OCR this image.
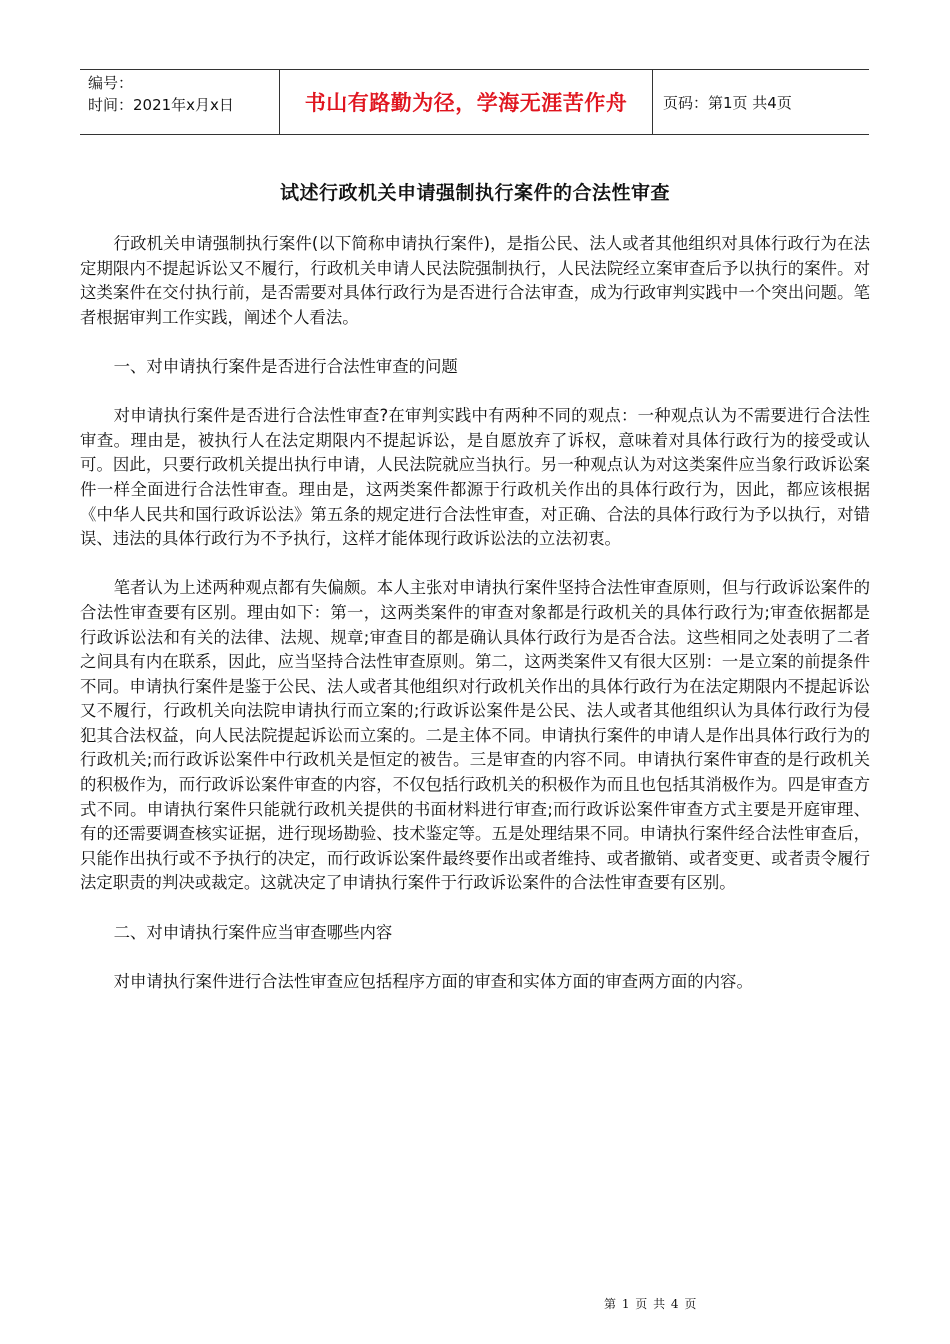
编号：
时间：2021年x月x日	书山有路勤为径，学海无涯苦作舟	页码：第1页 共4页
试述行政机关申请强制执行案件的合法性审查

行政机关申请强制执行案件(以下简称申请执行案件)，是指公民、法人或者其他组织对具体行政行为在法定期限内不提起诉讼又不履行，行政机关申请人民法院强制执行，人民法院经立案审查后予以执行的案件。对这类案件在交付执行前，是否需要对具体行政行为是否进行合法审查，成为行政审判实践中一个突出问题。笔者根据审判工作实践，阐述个人看法。

一、对申请执行案件是否进行合法性审查的问题

对申请执行案件是否进行合法性审查?在审判实践中有两种不同的观点：一种观点认为不需要进行合法性审查。理由是，被执行人在法定期限内不提起诉讼，是自愿放弃了诉权，意味着对具体行政行为的接受或认可。因此，只要行政机关提出执行申请，人民法院就应当执行。另一种观点认为对这类案件应当象行政诉讼案件一样全面进行合法性审查。理由是，这两类案件都源于行政机关作出的具体行政行为，因此，都应该根据《中华人民共和国行政诉讼法》第五条的规定进行合法性审查，对正确、合法的具体行政行为予以执行，对错误、违法的具体行政行为不予执行，这样才能体现行政诉讼法的立法初衷。

笔者认为上述两种观点都有失偏颇。本人主张对申请执行案件坚持合法性审查原则，但与行政诉讼案件的合法性审查要有区别。理由如下：第一，这两类案件的审查对象都是行政机关的具体行政行为;审查依据都是行政诉讼法和有关的法律、法规、规章;审查目的都是确认具体行政行为是否合法。这些相同之处表明了二者之间具有内在联系，因此，应当坚持合法性审查原则。第二，这两类案件又有很大区别：一是立案的前提条件不同。申请执行案件是鉴于公民、法人或者其他组织对行政机关作出的具体行政行为在法定期限内不提起诉讼又不履行，行政机关向法院申请执行而立案的;行政诉讼案件是公民、法人或者其他组织认为具体行政行为侵犯其合法权益，向人民法院提起诉讼而立案的。二是主体不同。申请执行案件的申请人是作出具体行政行为的行政机关;而行政诉讼案件中行政机关是恒定的被告。三是审查的内容不同。申请执行案件审查的是行政机关的积极作为，而行政诉讼案件审查的内容，不仅包括行政机关的积极作为而且也包括其消极作为。四是审查方式不同。申请执行案件只能就行政机关提供的书面材料进行审查;而行政诉讼案件审查方式主要是开庭审理、有的还需要调查核实证据，进行现场勘验、技术鉴定等。五是处理结果不同。申请执行案件经合法性审查后，只能作出执行或不予执行的决定，而行政诉讼案件最终要作出或者维持、或者撤销、或者变更、或者责令履行法定职责的判决或裁定。这就决定了申请执行案件于行政诉讼案件的合法性审查要有区别。

二、对申请执行案件应当审查哪些内容

对申请执行案件进行合法性审查应包括程序方面的审查和实体方面的审查两方面的内容。

第 1 页 共 4 页
